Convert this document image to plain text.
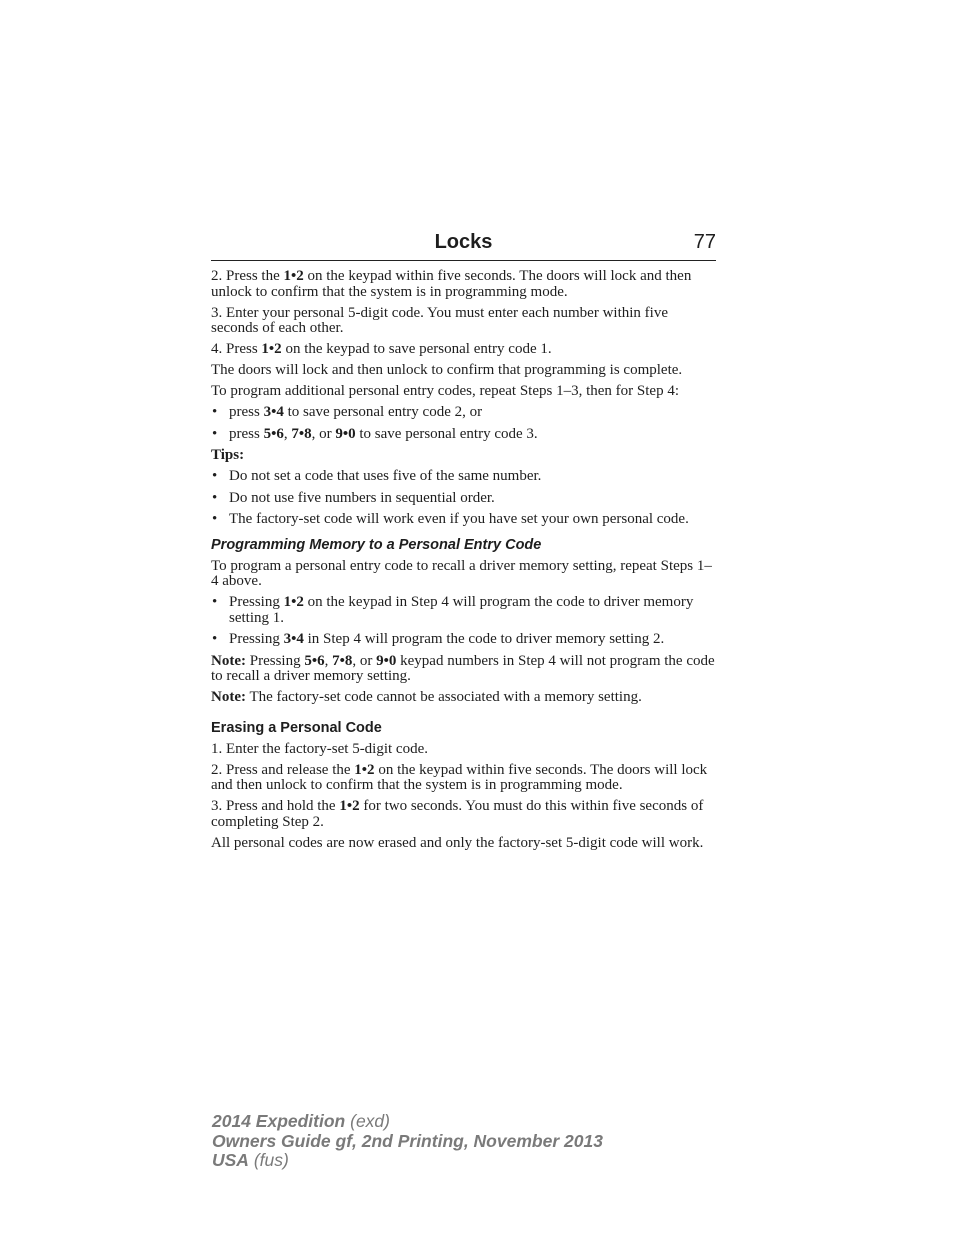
Locks	77

2. Press the 1•2 on the keypad within five seconds. The doors will lock and then unlock to confirm that the system is in programming mode.

3. Enter your personal 5-digit code. You must enter each number within five seconds of each other.

4. Press 1•2 on the keypad to save personal entry code 1.

The doors will lock and then unlock to confirm that programming is complete.

To program additional personal entry codes, repeat Steps 1–3, then for Step 4:

• press 3•4 to save personal entry code 2, or
• press 5•6, 7•8, or 9•0 to save personal entry code 3.

Tips:

• Do not set a code that uses five of the same number.
• Do not use five numbers in sequential order.
• The factory-set code will work even if you have set your own personal code.
Programming Memory to a Personal Entry Code

To program a personal entry code to recall a driver memory setting, repeat Steps 1–4 above.

• Pressing 1•2 on the keypad in Step 4 will program the code to driver memory setting 1.
• Pressing 3•4 in Step 4 will program the code to driver memory setting 2.

Note: Pressing 5•6, 7•8, or 9•0 keypad numbers in Step 4 will not program the code to recall a driver memory setting.

Note: The factory-set code cannot be associated with a memory setting.

Erasing a Personal Code

1. Enter the factory-set 5-digit code.

2. Press and release the 1•2 on the keypad within five seconds. The doors will lock and then unlock to confirm that the system is in programming mode.

3. Press and hold the 1•2 for two seconds. You must do this within five seconds of completing Step 2.

All personal codes are now erased and only the factory-set 5-digit code will work.

2014 Expedition (exd)
Owners Guide gf, 2nd Printing, November 2013
USA (fus)
